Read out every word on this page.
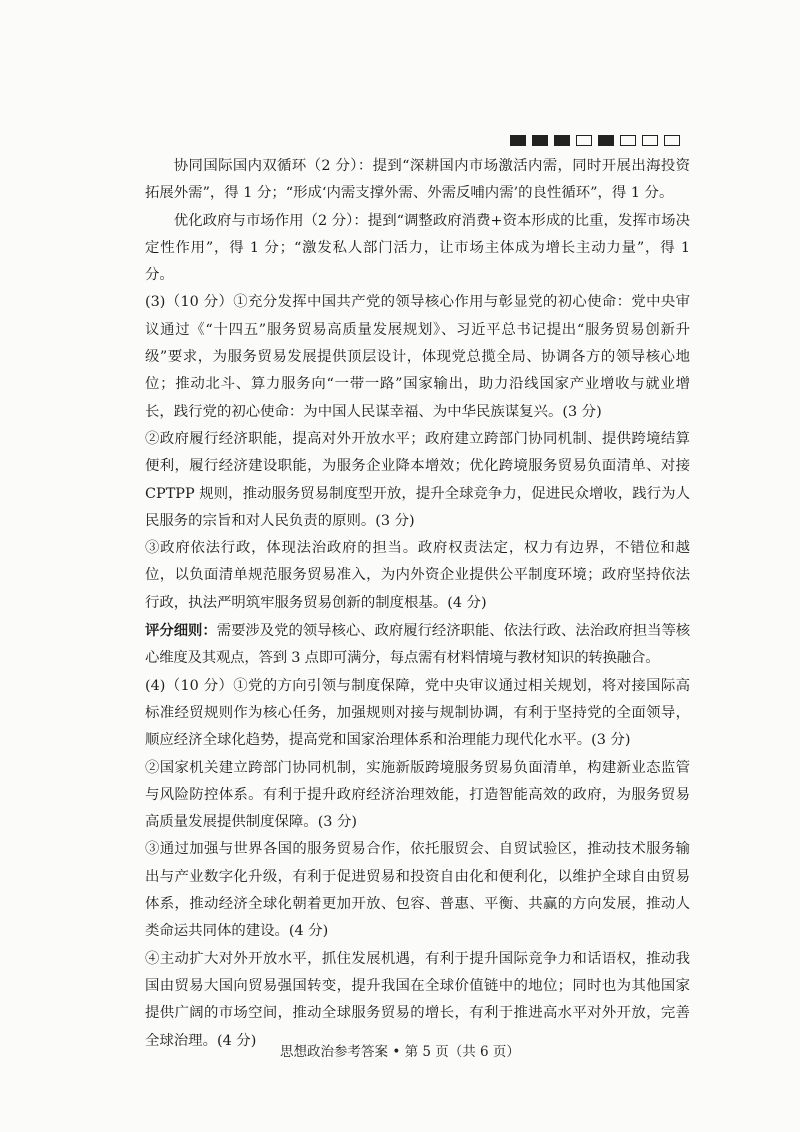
协同国际国内双循环（2 分）：提到“深耕国内市场激活内需，同时开展出海投资拓展外需”，得 1 分；“形成‘内需支撑外需、外需反哺内需’的良性循环”，得 1 分。

优化政府与市场作用（2 分）：提到“调整政府消费+资本形成的比重，发挥市场决定性作用”，得 1 分；“激发私人部门活力，让市场主体成为增长主动力量”，得 1 分。

(3)（10 分）①充分发挥中国共产党的领导核心作用与彰显党的初心使命：党中央审议通过《“十四五”服务贸易高质量发展规划》、习近平总书记提出“服务贸易创新升级”要求，为服务贸易发展提供顶层设计，体现党总揽全局、协调各方的领导核心地位；推动北斗、算力服务向“一带一路”国家输出，助力沿线国家产业增收与就业增长，践行党的初心使命：为中国人民谋幸福、为中华民族谋复兴。(3 分)

②政府履行经济职能，提高对外开放水平；政府建立跨部门协同机制、提供跨境结算便利，履行经济建设职能，为服务企业降本增效；优化跨境服务贸易负面清单、对接 CPTPP 规则，推动服务贸易制度型开放，提升全球竞争力，促进民众增收，践行为人民服务的宗旨和对人民负责的原则。(3 分)

③政府依法行政，体现法治政府的担当。政府权责法定，权力有边界，不错位和越位，以负面清单规范服务贸易准入，为内外资企业提供公平制度环境；政府坚持依法行政，执法严明筑牢服务贸易创新的制度根基。(4 分)

评分细则：需要涉及党的领导核心、政府履行经济职能、依法行政、法治政府担当等核心维度及其观点，答到 3 点即可满分，每点需有材料情境与教材知识的转换融合。

(4)（10 分）①党的方向引领与制度保障，党中央审议通过相关规划，将对接国际高标准经贸规则作为核心任务，加强规则对接与规制协调，有利于坚持党的全面领导，顺应经济全球化趋势，提高党和国家治理体系和治理能力现代化水平。(3 分)

②国家机关建立跨部门协同机制，实施新版跨境服务贸易负面清单，构建新业态监管与风险防控体系。有利于提升政府经济治理效能，打造智能高效的政府，为服务贸易高质量发展提供制度保障。(3 分)

③通过加强与世界各国的服务贸易合作，依托服贸会、自贸试验区，推动技术服务输出与产业数字化升级，有利于促进贸易和投资自由化和便利化，以维护全球自由贸易体系，推动经济全球化朝着更加开放、包容、普惠、平衡、共赢的方向发展，推动人类命运共同体的建设。(4 分)

④主动扩大对外开放水平，抓住发展机遇，有利于提升国际竞争力和话语权，推动我国由贸易大国向贸易强国转变，提升我国在全球价值链中的地位；同时也为其他国家提供广阔的市场空间，推动全球服务贸易的增长，有利于推进高水平对外开放，完善全球治理。(4 分)

思想政治参考答案 • 第 5 页（共 6 页）
